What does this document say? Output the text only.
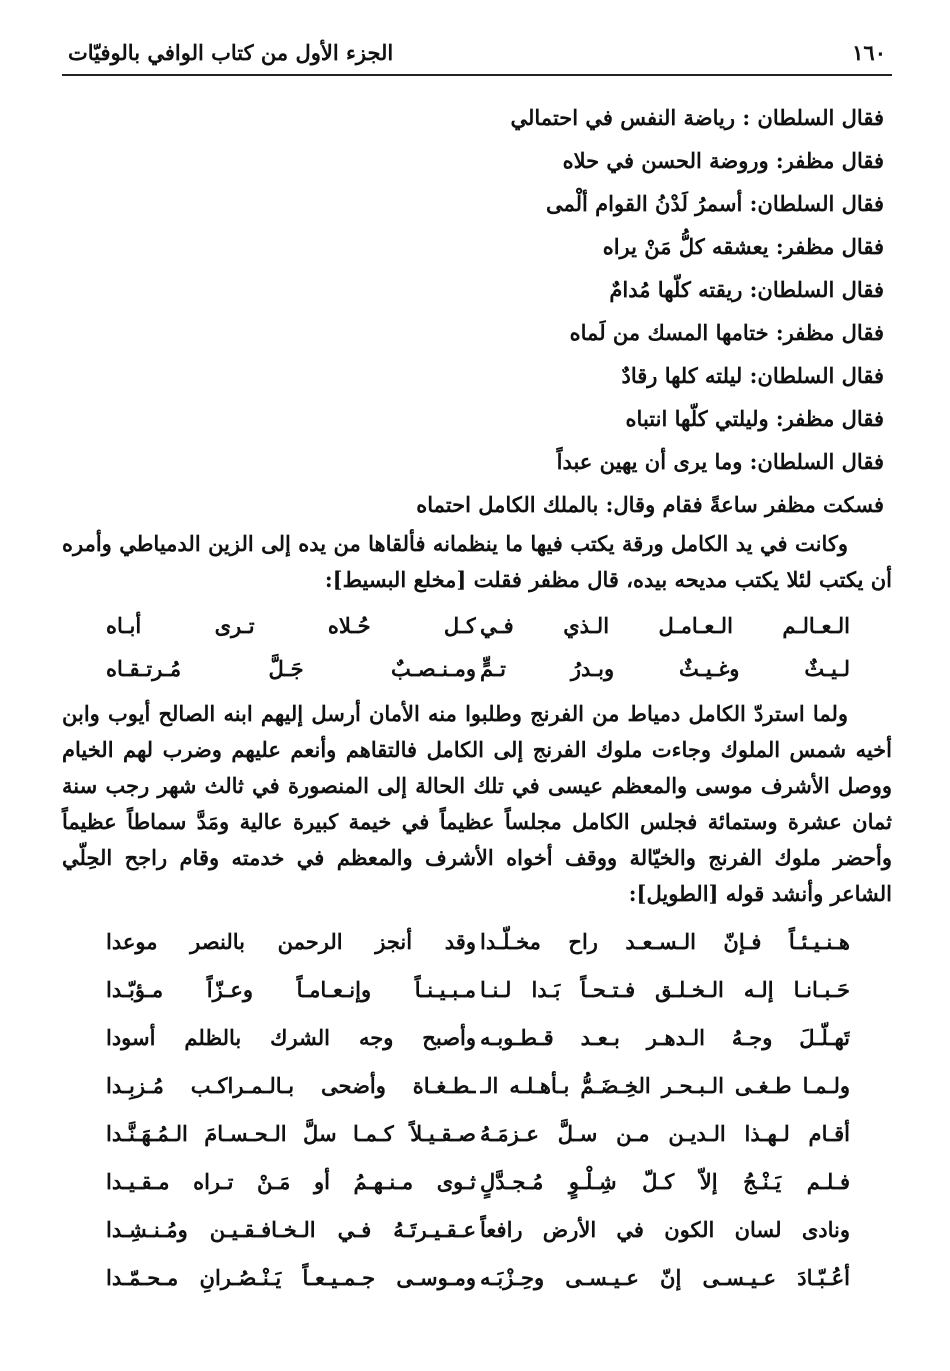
١٦٠
الجزء الأول من كتاب الوافي بالوفيّات
فقال السلطان : رياضة النفس في احتمالي
فقال مظفر: وروضة الحسن في حلاه
فقال السلطان: أسمرُ لَدْنُ القوام ألْمى
فقال مظفر: يعشقه كلُّ مَنْ يراه
فقال السلطان: ريقته كلّها مُدامٌ
فقال مظفر: ختامها المسك من لَماه
فقال السلطان: ليلته كلها رقادٌ
فقال مظفر: وليلتي كلّها انتباه
فقال السلطان: وما يرى أن يهين عبداً
فسكت مظفر ساعةً فقام وقال: بالملك الكامل احتماه

وكانت في يد الكامل ورقة يكتب فيها ما ينظمانه فألقاها من يده إلى الزين الدمياطي وأمره أن يكتب لئلا يكتب مديحه بيده، قال مظفر فقلت [مخلع البسيط]:

الـعـالـم الـعـامـل الـذي فـي
كـل حُـلاه تـرى أبـاه
لـيـثٌ وغـيـثٌ وبـدرُ تـمٍّ
ومـنـصـبٌ جَـلَّ مُـرتـقـاه

ولما استردّ الكامل دمياط من الفرنج وطلبوا منه الأمان أرسل إليهم ابنه الصالح أيوب وابن أخيه شمس الملوك وجاءت ملوك الفرنج إلى الكامل فالتقاهم وأنعم عليهم وضرب لهم الخيام ووصل الأشرف موسى والمعظم عيسى في تلك الحالة إلى المنصورة في ثالث شهر رجب سنة ثمان عشرة وستمائة فجلس الكامل مجلساً عظيماً في خيمة كبيرة عالية ومَدَّ سماطاً عظيماً وأحضر ملوك الفرنج والخيّالة ووقف أخواه الأشرف والمعظم في خدمته وقام راجح الحِلّي الشاعر وأنشد قوله [الطويل]:

هـنـيـئـاً فـإنّ الـسـعـد راح مخـلّـدا
وقد أنجز الرحمن بالنصر موعدا
حَـبـانـا إلـه الـخـلـق فـتـحـاً بَـدا لـنـا
مـبـيـنـاً وإنـعـامـاً وعـزّاً مـؤبّـدا
تَهـلّـلَ وجـهُ الـدهـر بـعـد قـطـوبـه
وأصبح وجه الشرك بالظلم أسودا
ولـمـا طـغـى الـبـحـر الخِـضَـمُّ بـأهـلـه الـ
ـطـغـاة وأضحى بـالـمـراكـب مُـزبِـدا
أقـام لـهـذا الـديـن مـن سـلَّ عـزمَـهُ
صـقـيـلاً كـمـا سلَّ الـحـسـامَ الـمُـهَـنَّـدا
فـلـم يَـنْـجُ إلاّ كـلّ شِـلْـوٍ مُـجـدَّلٍ
ثـوى مـنـهـمُ أو مَـنْ تـراه مـقـيـدا
ونادى لسان الكون في الأرض رافعاً
عـقـيـرتَـهُ فـي الـخـافـقـيـن ومُـنـشِـدا
أعُـبّـادَ عـيـسـى إنّ عـيـسـى وحِـزْبَـه
ومـوسـى جـمـيـعـاً يَـنْـصُـرانِ مـحـمّـدا
